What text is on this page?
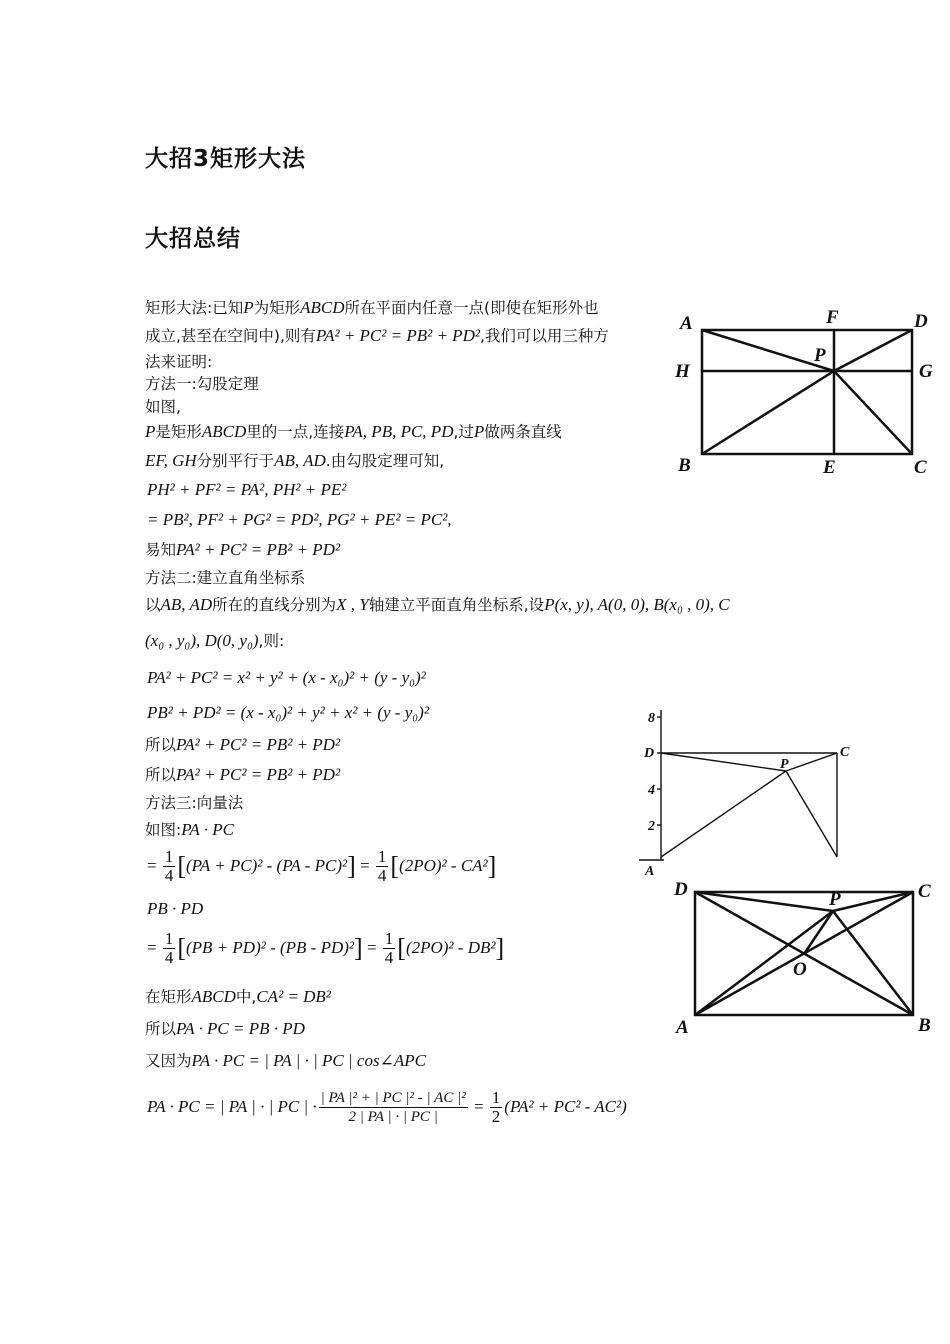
大招3矩形大法
大招总结
矩形大法:已知P为矩形ABCD所在平面内任意一点(即使在矩形外也
成立,甚至在空间中),则有PA² + PC² = PB² + PD²,我们可以用三种方
法来证明:
方法一:勾股定理
如图,
P是矩形ABCD里的一点,连接PA, PB, PC, PD,过P做两条直线
EF, GH分别平行于AB, AD.由勾股定理可知,
PH² + PF² = PA², PH² + PE²
= PB², PF² + PG² = PD², PG² + PE² = PC²,
易知PA² + PC² = PB² + PD²
方法二:建立直角坐标系
以AB, AD所在的直线分别为X , Y轴建立平面直角坐标系,设P(x, y), A(0, 0), B(x₀ , 0), C
(x₀ , y₀), D(0, y₀),则:
PA² + PC² = x² + y² + (x - x₀)² + (y - y₀)²
PB² + PD² = (x - x₀)² + y² + x² + (y - y₀)²
所以PA² + PC² = PB² + PD²
所以PA² + PC² = PB² + PD²
方法三:向量法
如图:PA · PC
= $\frac{1}{4} [(PA + PC)^2 - (PA - PC)^2] = \frac{1}{4} [(2PO)^2 - CA^2]$
PB · PD
= $\frac{1}{4} [(PB + PD)^2 - (PB - PD)^2] = \frac{1}{4} [(2PO)^2 - DB^2]$
在矩形ABCD中,CA² = DB²
所以PA · PC = PB · PD
又因为PA · PC = | PA | · | PC | cos∠APC
PA · PC = | PA | · | PC | · $\frac{\text{| PA |² + | PC |² - | AC |²}}{2 | PA | \cdot | PC |} = \frac{1}{2} (PA^2 + PC^2 - AC^2)$
A	F	D
P
H	G
B	E	C
8
D	C
P
4
2
A
D	P	C
O
A	B
